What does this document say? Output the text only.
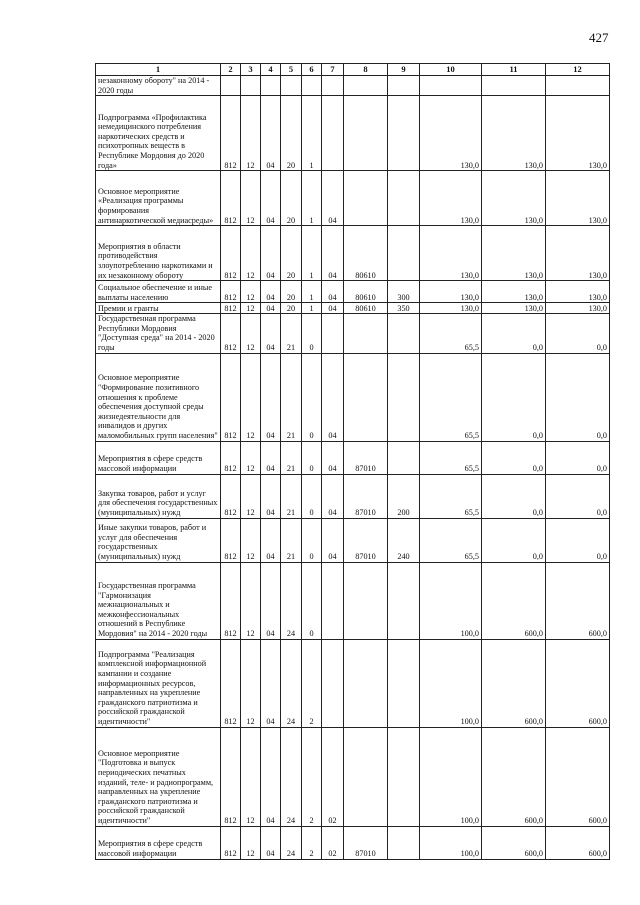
427
1	2	3	4	5	6	7	8	9	10	11	12
незаконному обороту" на 2014 - 2020 годы											
Подпрограмма «Профилактика немедицинского потребления наркотических средств и психотропных веществ в Республике Мордовия до 2020 года»	812	12	04	20	1				130,0	130,0	130,0
Основное мероприятие «Реализация программы формирования антинаркотической медиасреды»	812	12	04	20	1	04			130,0	130,0	130,0
Мероприятия в области противодействия злоупотреблению наркотиками и их незаконному обороту	812	12	04	20	1	04	80610		130,0	130,0	130,0
Социальное обеспечение и иные выплаты населению	812	12	04	20	1	04	80610	300	130,0	130,0	130,0
Премии и гранты	812	12	04	20	1	04	80610	350	130,0	130,0	130,0
Государственная программа Республики Мордовия "Доступная среда" на 2014 - 2020 годы	812	12	04	21	0				65,5	0,0	0,0
Основное мероприятие "Формирование позитивного отношения к проблеме обеспечения доступной среды жизнедеятельности для инвалидов и других маломобильных групп населения"	812	12	04	21	0	04			65,5	0,0	0,0
Мероприятия в сфере средств массовой информации	812	12	04	21	0	04	87010		65,5	0,0	0,0
Закупка товаров, работ и услуг для обеспечения государственных (муниципальных) нужд	812	12	04	21	0	04	87010	200	65,5	0,0	0,0
Иные закупки товаров, работ и услуг для обеспечения государственных (муниципальных) нужд	812	12	04	21	0	04	87010	240	65,5	0,0	0,0
Государственная программа "Гармонизация межнациональных и межконфессиональных отношений в Республике Мордовия" на 2014 - 2020 годы	812	12	04	24	0				100,0	600,0	600,0
Подпрограмма "Реализация комплексной информационной кампании и создание информационных ресурсов, направленных на укрепление гражданского патриотизма и российской гражданской идентичности"	812	12	04	24	2				100,0	600,0	600,0
Основное мероприятие "Подготовка и выпуск периодических печатных изданий, теле- и радиопрограмм, направленных на укрепление гражданского патриотизма и российской гражданской идентичности"	812	12	04	24	2	02			100,0	600,0	600,0
Мероприятия в сфере средств массовой информации	812	12	04	24	2	02	87010		100,0	600,0	600,0
